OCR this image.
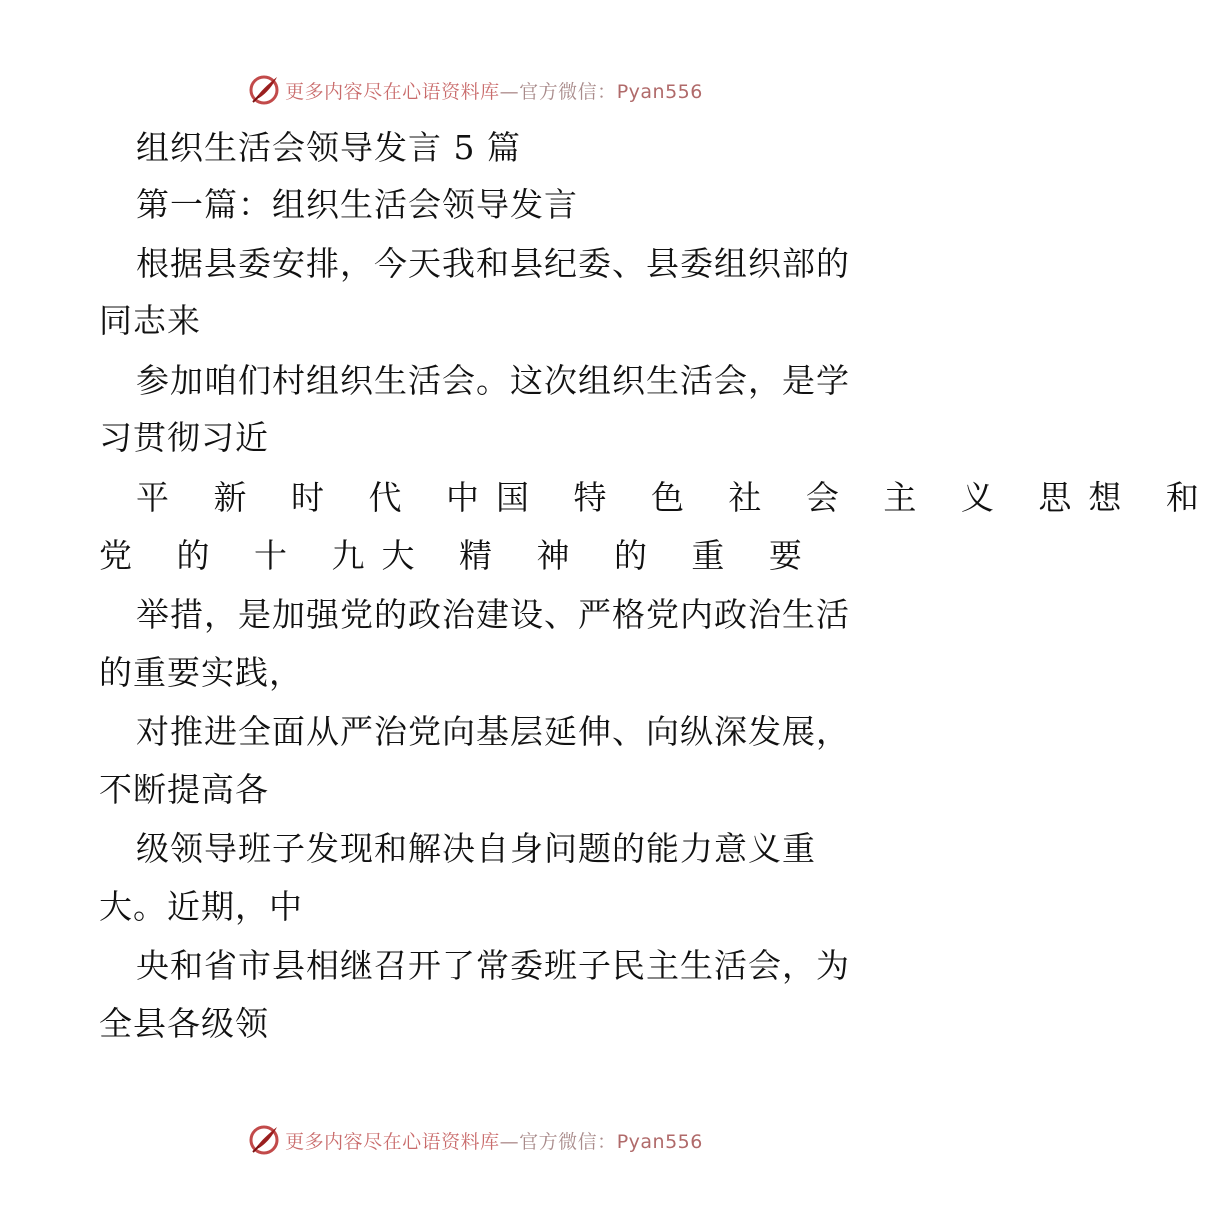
更多内容尽在心语资料库—官方微信：Pyan556
组织生活会领导发言 5 篇
第一篇：组织生活会领导发言
根据县委安排，今天我和县纪委、县委组织部的
同志来
参加咱们村组织生活会。这次组织生活会，是学
习贯彻习近
平 新 时 代 中国 特 色 社 会 主 义 思想 和
党 的 十 九大 精 神 的 重 要
举措，是加强党的政治建设、严格党内政治生活
的重要实践，
对推进全面从严治党向基层延伸、向纵深发展，
不断提高各
级领导班子发现和解决自身问题的能力意义重
大。近期，中
央和省市县相继召开了常委班子民主生活会，为
全县各级领
更多内容尽在心语资料库—官方微信：Pyan556
